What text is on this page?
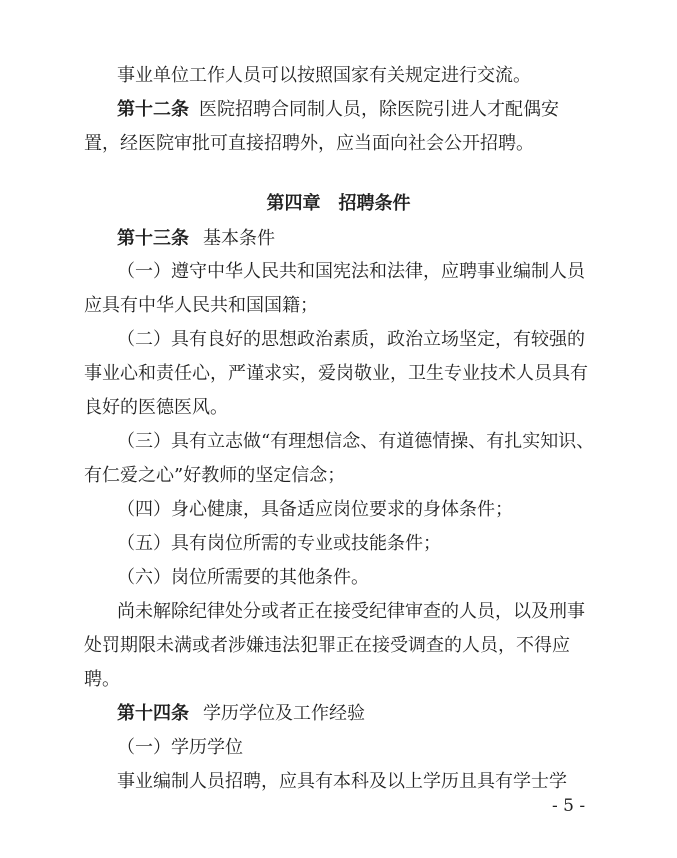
事业单位工作人员可以按照国家有关规定进行交流。
第十二条 医院招聘合同制人员，除医院引进人才配偶安
置，经医院审批可直接招聘外，应当面向社会公开招聘。
第四章 招聘条件
第十三条 基本条件
（一）遵守中华人民共和国宪法和法律，应聘事业编制人员
应具有中华人民共和国国籍；
（二）具有良好的思想政治素质，政治立场坚定，有较强的
事业心和责任心，严谨求实，爱岗敬业，卫生专业技术人员具有
良好的医德医风。
（三）具有立志做“有理想信念、有道德情操、有扎实知识、
有仁爱之心”好教师的坚定信念；
（四）身心健康，具备适应岗位要求的身体条件；
（五）具有岗位所需的专业或技能条件；
（六）岗位所需要的其他条件。
尚未解除纪律处分或者正在接受纪律审查的人员，以及刑事
处罚期限未满或者涉嫌违法犯罪正在接受调查的人员，不得应
聘。
第十四条 学历学位及工作经验
（一）学历学位
事业编制人员招聘，应具有本科及以上学历且具有学士学
- 5 -
